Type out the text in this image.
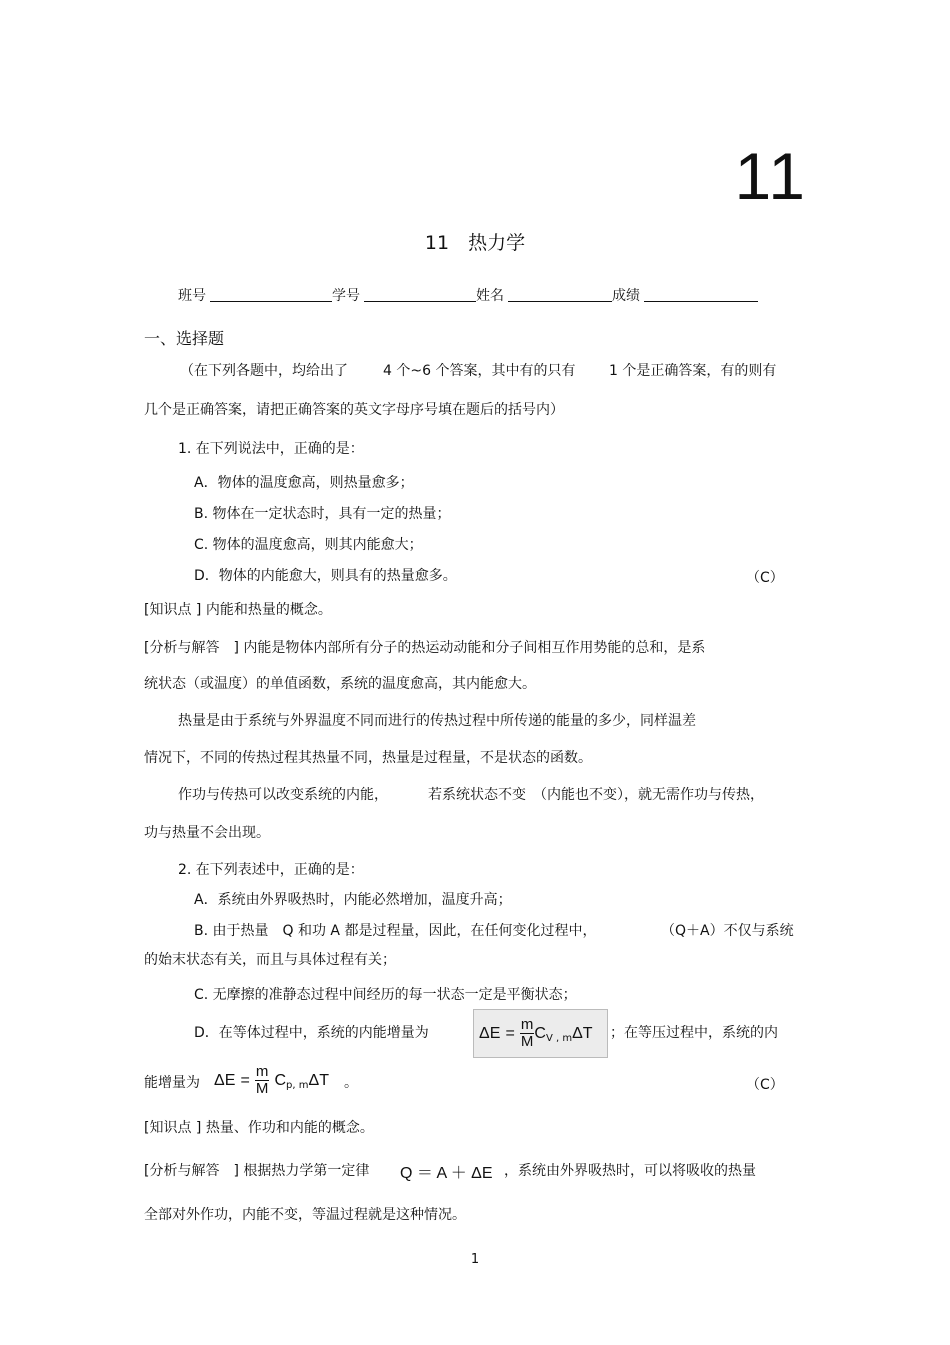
11
11　热力学
班号	学号	姓名	成绩
一、选择题
（在下列各题中，均给出了	4 个~6 个答案，其中有的只有 1 个是正确答案，有的则有
几个是正确答案，请把正确答案的英文字母序号填在题后的括号内）
1. 在下列说法中，正确的是：
A．物体的温度愈高，则热量愈多；
B. 物体在一定状态时，具有一定的热量；
C. 物体的温度愈高，则其内能愈大；
D．物体的内能愈大，则具有的热量愈多。	（C）
[知识点 ] 内能和热量的概念。
[分析与解答　] 内能是物体内部所有分子的热运动动能和分子间相互作用势能的总和，是系
统状态（或温度）的单值函数，系统的温度愈高，其内能愈大。
热量是由于系统与外界温度不同而进行的传热过程中所传递的能量的多少，同样温差
情况下，不同的传热过程其热量不同，热量是过程量，不是状态的函数。
作功与传热可以改变系统的内能，	若系统状态不变　（内能也不变），就无需作功与传热，
功与热量不会出现。
2. 在下列表述中，正确的是：
A．系统由外界吸热时，内能必然增加，温度升高；
B. 由于热量　Q 和功 A 都是过程量，因此，在任何变化过程中，	（Q＋A）不仅与系统
的始末状态有关，而且与具体过程有关；
C. 无摩擦的准静态过程中间经历的每一状态一定是平衡状态；
D．在等体过程中，系统的内能增量为	$\Delta E = \frac{m}{M} C_{V , m}\Delta T$ ；在等压过程中，系统的内
能增量为 $\Delta E = \frac{m}{M} C_{p, m}\Delta T$ 。	（C）
[知识点 ] 热量、作功和内能的概念。
[分析与解答　] 根据热力学第一定律 Q ＝ A ＋ ΔE ，系统由外界吸热时，可以将吸收的热量
全部对外作功，内能不变，等温过程就是这种情况。
1
